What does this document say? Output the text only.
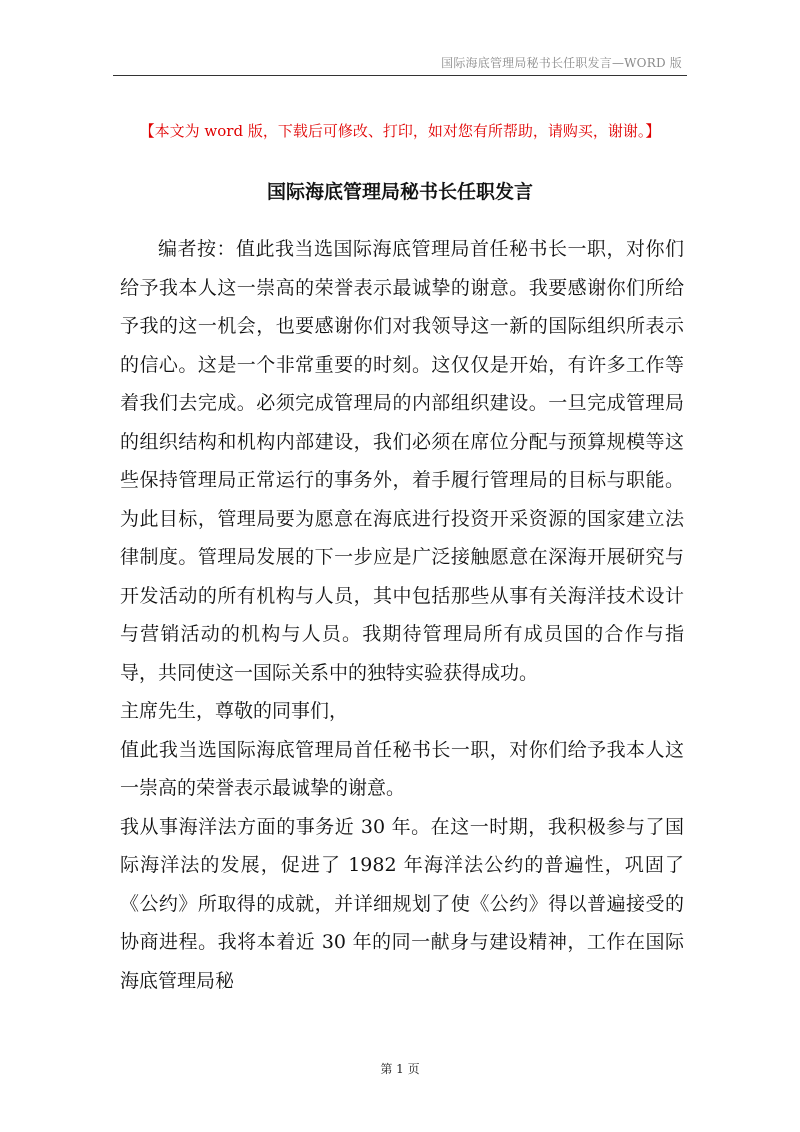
国际海底管理局秘书长任职发言—WORD 版
【本文为 word 版，下载后可修改、打印，如对您有所帮助，请购买，谢谢。】
国际海底管理局秘书长任职发言

编者按：值此我当选国际海底管理局首任秘书长一职，对你们给予我本人这一崇高的荣誉表示最诚挚的谢意。我要感谢你们所给予我的这一机会，也要感谢你们对我领导这一新的国际组织所表示的信心。这是一个非常重要的时刻。这仅仅是开始，有许多工作等着我们去完成。必须完成管理局的内部组织建设。一旦完成管理局的组织结构和机构内部建设，我们必须在席位分配与预算规模等这些保持管理局正常运行的事务外，着手履行管理局的目标与职能。为此目标，管理局要为愿意在海底进行投资开采资源的国家建立法律制度。管理局发展的下一步应是广泛接触愿意在深海开展研究与开发活动的所有机构与人员，其中包括那些从事有关海洋技术设计与营销活动的机构与人员。我期待管理局所有成员国的合作与指导，共同使这一国际关系中的独特实验获得成功。

主席先生，尊敬的同事们，

值此我当选国际海底管理局首任秘书长一职，对你们给予我本人这一崇高的荣誉表示最诚挚的谢意。

我从事海洋法方面的事务近 30 年。在这一时期，我积极参与了国际海洋法的发展，促进了 1982 年海洋法公约的普遍性，巩固了《公约》所取得的成就，并详细规划了使《公约》得以普遍接受的协商进程。我将本着近 30 年的同一献身与建设精神，工作在国际海底管理局秘

第 1 页
